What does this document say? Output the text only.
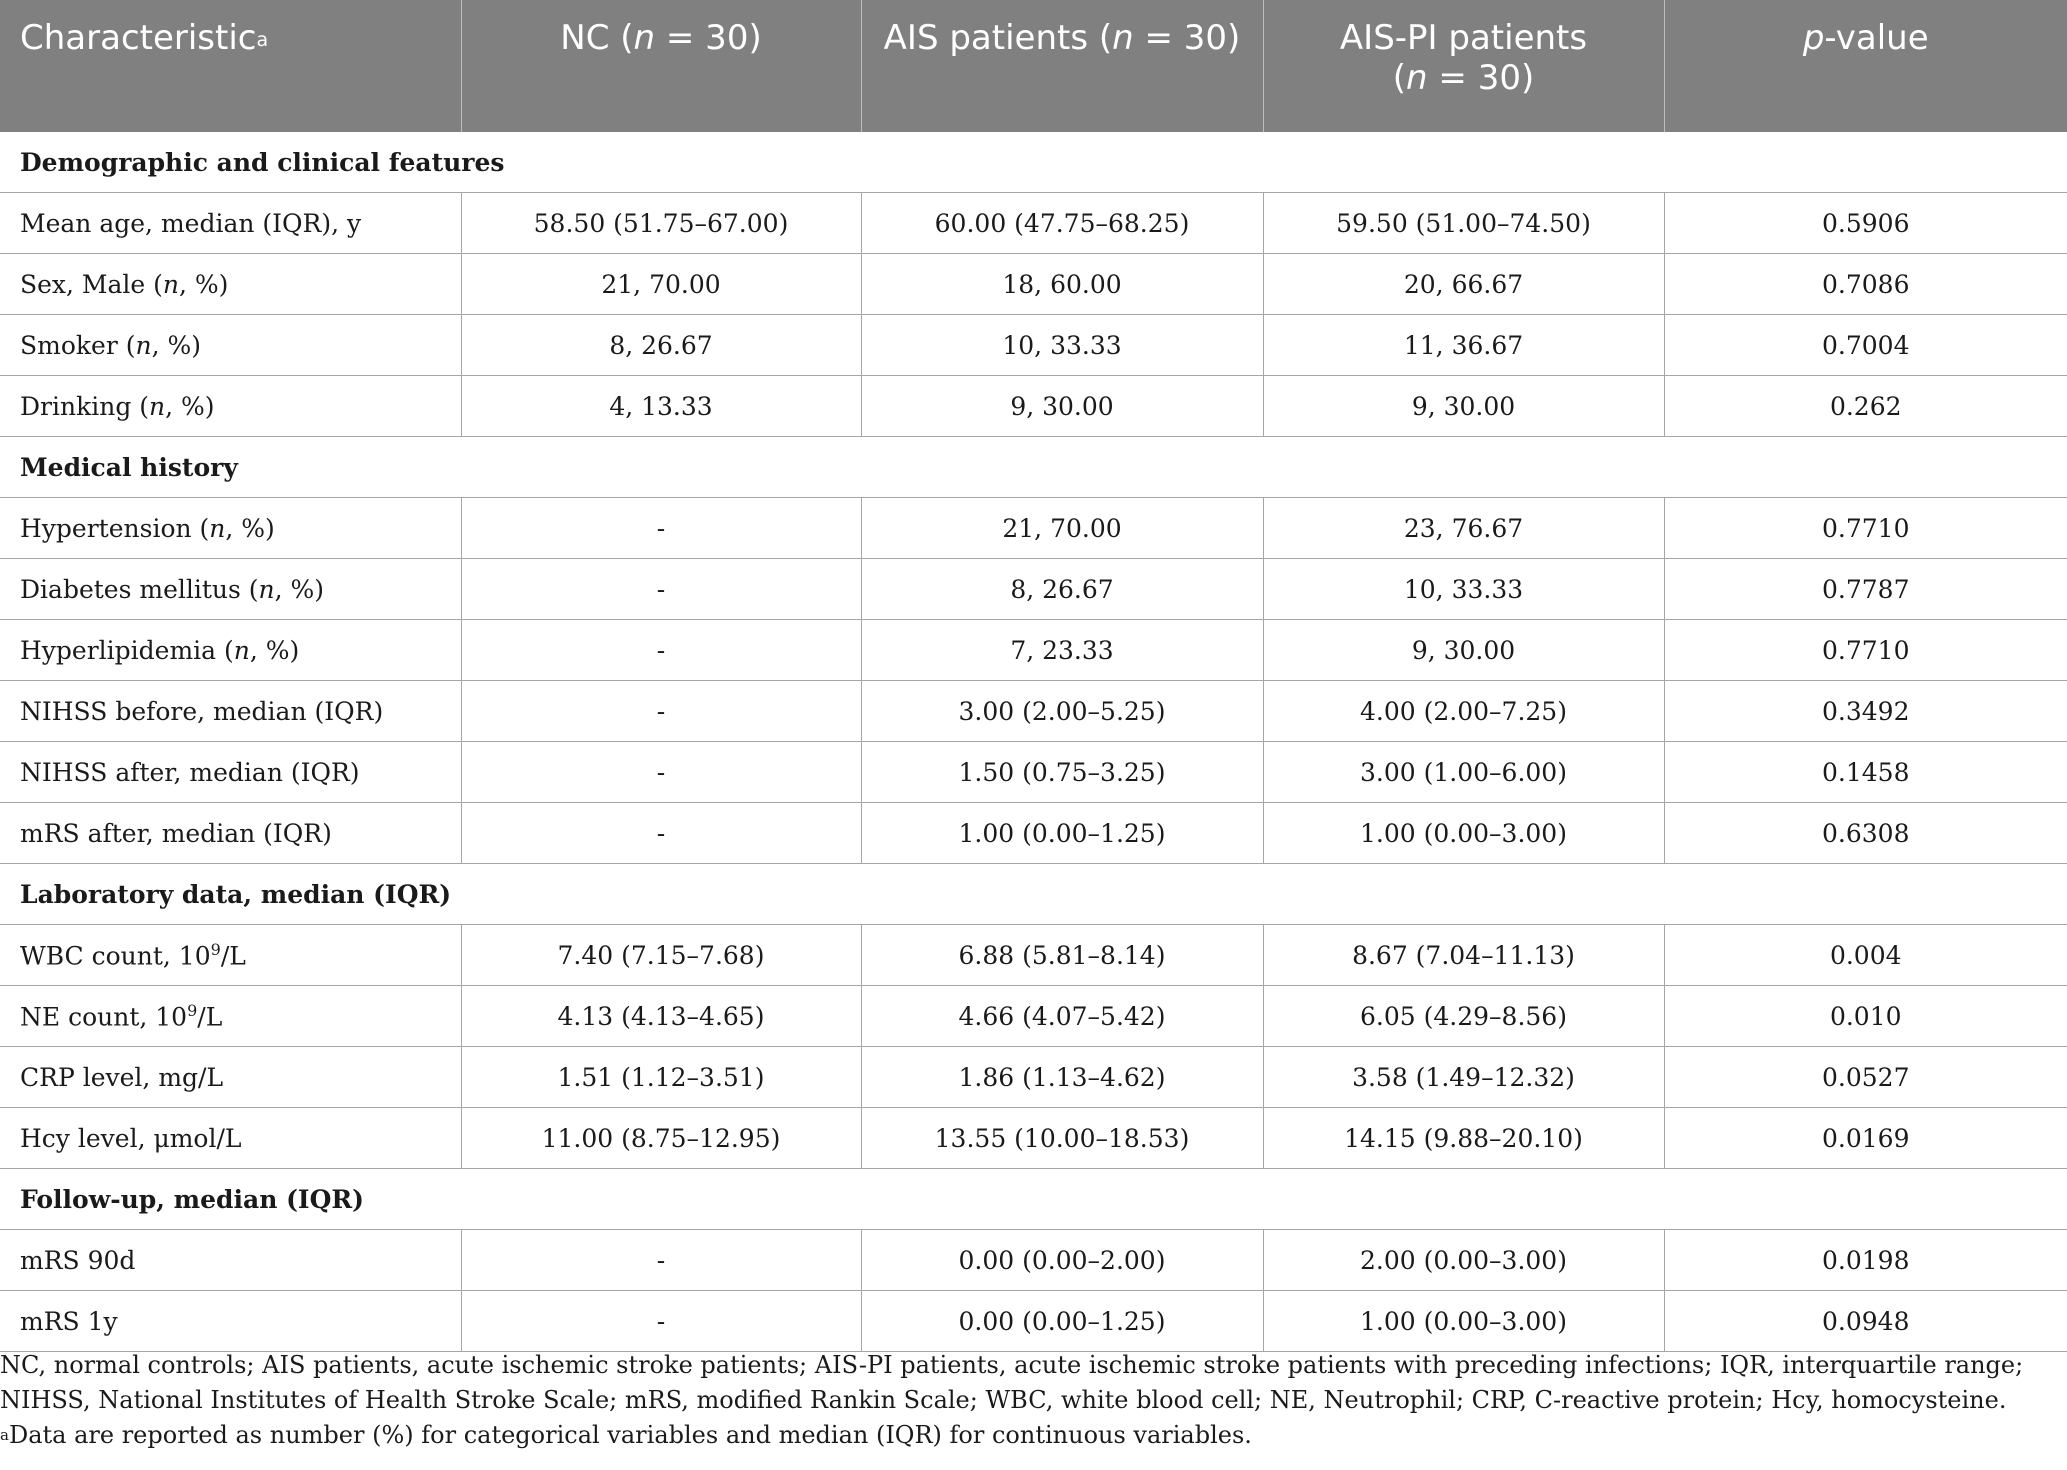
Characteristic$^a$	NC (n = 30)	AIS patients (n = 30)	AIS-PI patients
(n = 30)	p-value
Demographic and clinical features				
Mean age, median (IQR), y	58.50 (51.75–67.00)	60.00 (47.75–68.25)	59.50 (51.00–74.50)	0.5906
Sex, Male (n, %)	21, 70.00	18, 60.00	20, 66.67	0.7086
Smoker (n, %)	8, 26.67	10, 33.33	11, 36.67	0.7004
Drinking (n, %)	4, 13.33	9, 30.00	9, 30.00	0.262
Medical history				
Hypertension (n, %)	-	21, 70.00	23, 76.67	0.7710
Diabetes mellitus (n, %)	-	8, 26.67	10, 33.33	0.7787
Hyperlipidemia (n, %)	-	7, 23.33	9, 30.00	0.7710
NIHSS before, median (IQR)	-	3.00 (2.00–5.25)	4.00 (2.00–7.25)	0.3492
NIHSS after, median (IQR)	-	1.50 (0.75–3.25)	3.00 (1.00–6.00)	0.1458
mRS after, median (IQR)	-	1.00 (0.00–1.25)	1.00 (0.00–3.00)	0.6308
Laboratory data, median (IQR)				
WBC count, $10^9/L$	7.40 (7.15–7.68)	6.88 (5.81–8.14)	8.67 (7.04–11.13)	0.004
NE count, $10^9/L$	4.13 (4.13–4.65)	4.66 (4.07–5.42)	6.05 (4.29–8.56)	0.010
CRP level, mg/L	1.51 (1.12–3.51)	1.86 (1.13–4.62)	3.58 (1.49–12.32)	0.0527
Hcy level, μmol/L	11.00 (8.75–12.95)	13.55 (10.00–18.53)	14.15 (9.88–20.10)	0.0169
Follow-up, median (IQR)				
mRS 90d	-	0.00 (0.00–2.00)	2.00 (0.00–3.00)	0.0198
mRS 1y	-	0.00 (0.00–1.25)	1.00 (0.00–3.00)	0.0948

NC, normal controls; AIS patients, acute ischemic stroke patients; AIS-PI patients, acute ischemic stroke patients with preceding infections; IQR, interquartile range; NIHSS, National Institutes of Health Stroke Scale; mRS, modified Rankin Scale; WBC, white blood cell; NE, Neutrophil; CRP, C-reactive protein; Hcy, homocysteine.

$^a$Data are reported as number (%) for categorical variables and median (IQR) for continuous variables.
